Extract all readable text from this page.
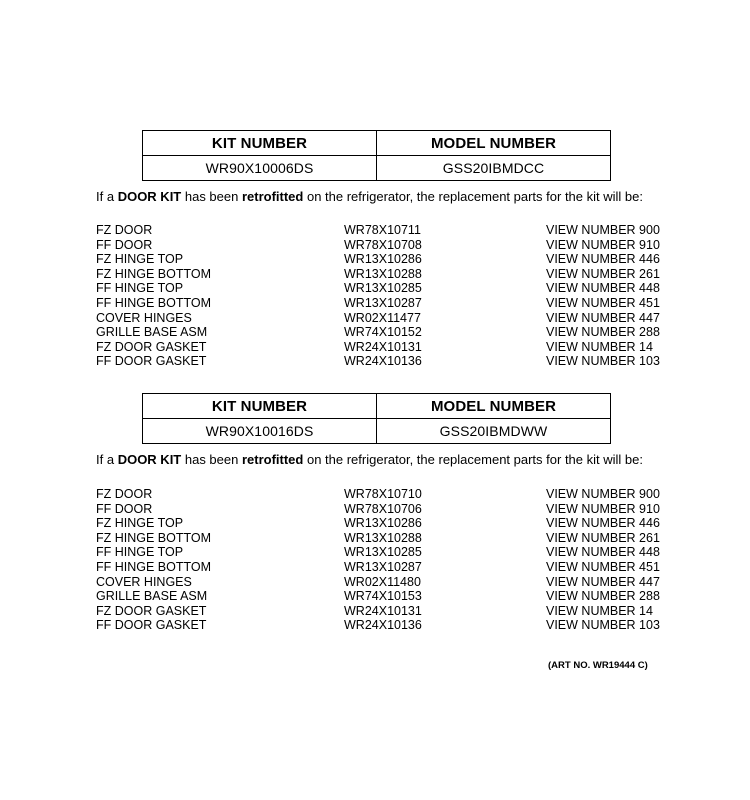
KIT NUMBER	MODEL NUMBER
WR90X10006DS	GSS20IBMDCC
If a DOOR KIT has been retrofitted on the refrigerator, the replacement parts for the kit will be:
FZ DOOR	WR78X10711	VIEW NUMBER 900
FF DOOR	WR78X10708	VIEW NUMBER 910
FZ HINGE TOP	WR13X10286	VIEW NUMBER 446
FZ HINGE BOTTOM	WR13X10288	VIEW NUMBER 261
FF HINGE TOP	WR13X10285	VIEW NUMBER 448
FF HINGE BOTTOM	WR13X10287	VIEW NUMBER 451
COVER HINGES	WR02X11477	VIEW NUMBER 447
GRILLE BASE ASM	WR74X10152	VIEW NUMBER 288
FZ DOOR GASKET	WR24X10131	VIEW NUMBER 14
FF DOOR GASKET	WR24X10136	VIEW NUMBER 103
KIT NUMBER	MODEL NUMBER
WR90X10016DS	GSS20IBMDWW
If a DOOR KIT has been retrofitted on the refrigerator, the replacement parts for the kit will be:
FZ DOOR	WR78X10710	VIEW NUMBER 900
FF DOOR	WR78X10706	VIEW NUMBER 910
FZ HINGE TOP	WR13X10286	VIEW NUMBER 446
FZ HINGE BOTTOM	WR13X10288	VIEW NUMBER 261
FF HINGE TOP	WR13X10285	VIEW NUMBER 448
FF HINGE BOTTOM	WR13X10287	VIEW NUMBER 451
COVER HINGES	WR02X11480	VIEW NUMBER 447
GRILLE BASE ASM	WR74X10153	VIEW NUMBER 288
FZ DOOR GASKET	WR24X10131	VIEW NUMBER 14
FF DOOR GASKET	WR24X10136	VIEW NUMBER 103
(ART NO. WR19444 C)
